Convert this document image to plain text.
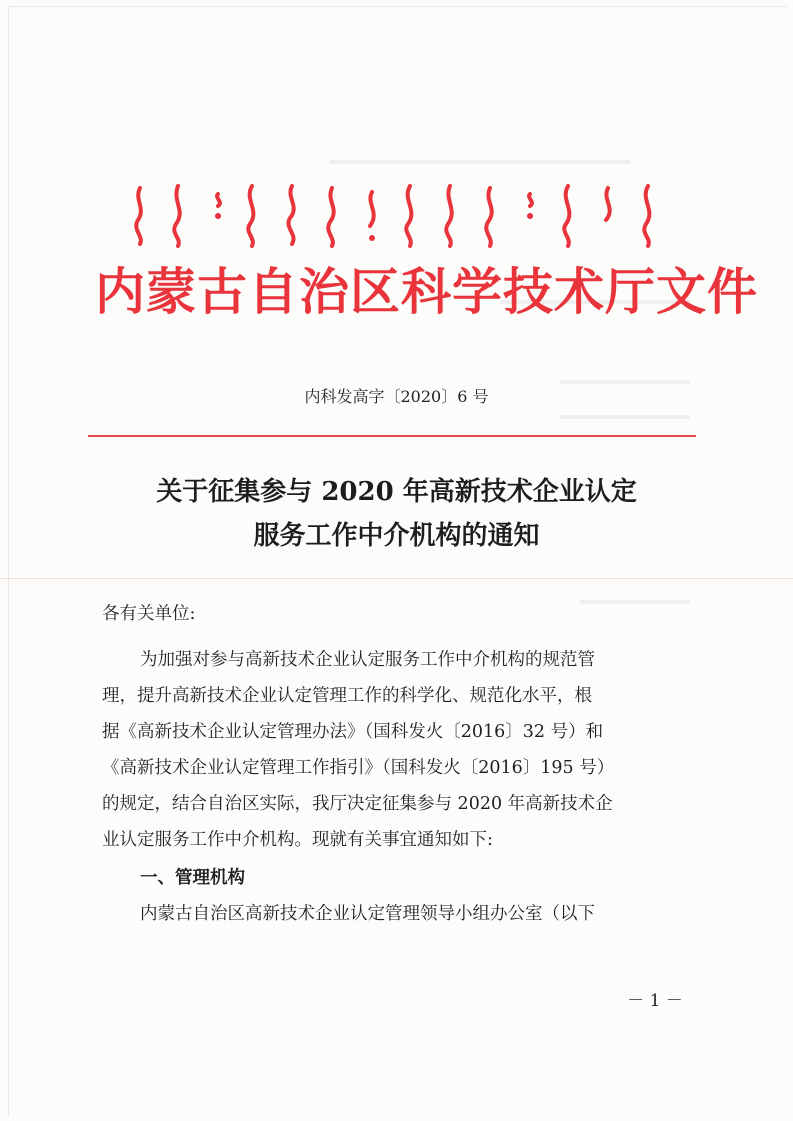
内蒙古自治区科学技术厅文件
内科发高字〔2020〕6 号
关于征集参与 2020 年高新技术企业认定
服务工作中介机构的通知

各有关单位:

为加强对参与高新技术企业认定服务工作中介机构的规范管

理，提升高新技术企业认定管理工作的科学化、规范化水平，根

据《高新技术企业认定管理办法》（国科发火〔2016〕32 号）和

《高新技术企业认定管理工作指引》（国科发火〔2016〕195 号）

的规定，结合自治区实际，我厅决定征集参与 2020 年高新技术企

业认定服务工作中介机构。现就有关事宜通知如下:

一、管理机构

内蒙古自治区高新技术企业认定管理领导小组办公室（以下

－ 1 －
